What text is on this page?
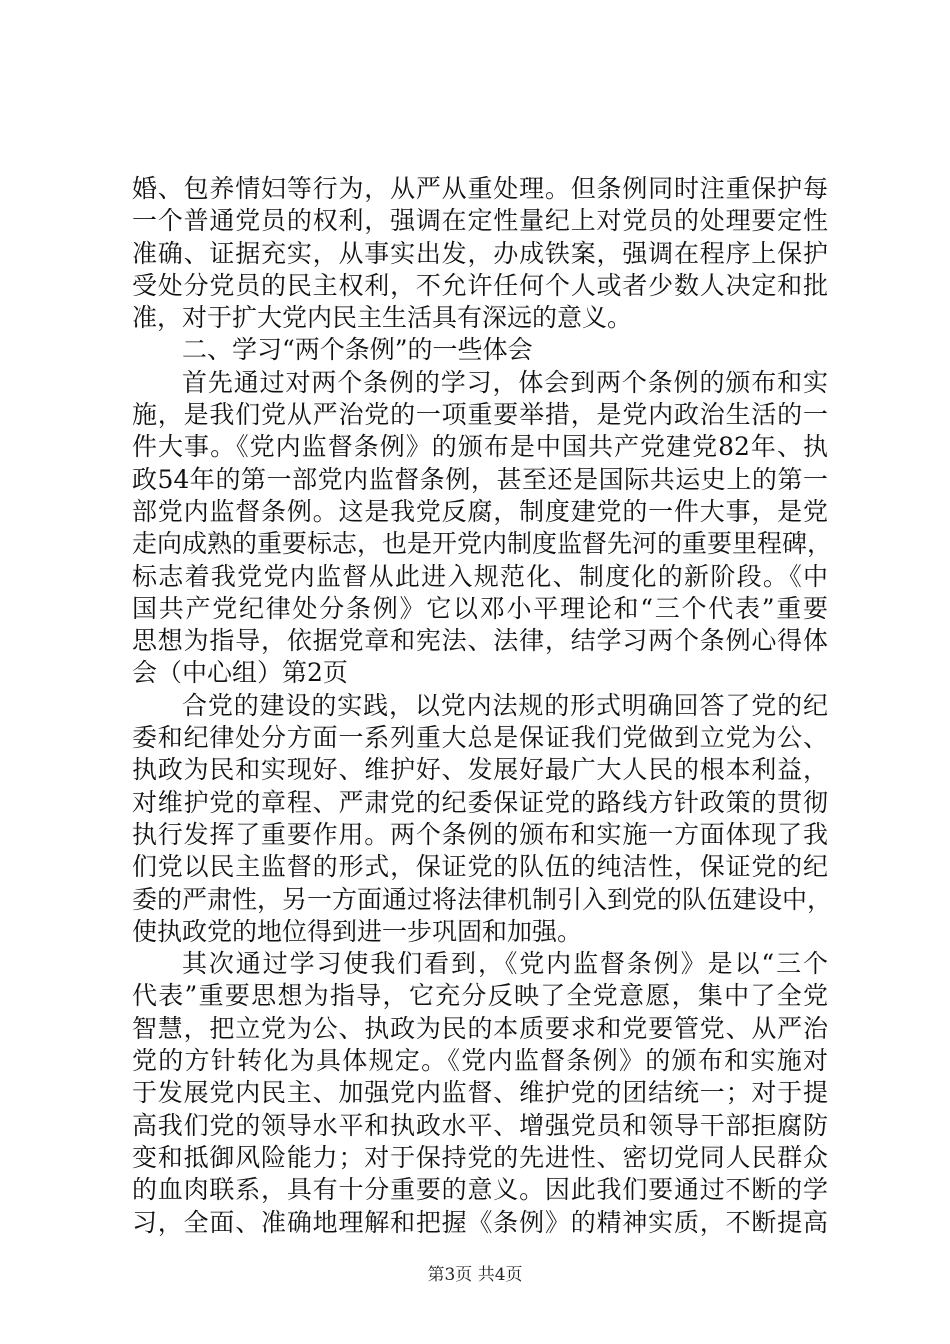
婚、包养情妇等行为，从严从重处理。但条例同时注重保护每
一个普通党员的权利，强调在定性量纪上对党员的处理要定性
准确、证据充实，从事实出发，办成铁案，强调在程序上保护
受处分党员的民主权利，不允许任何个人或者少数人决定和批
准，对于扩大党内民主生活具有深远的意义。
二、学习“两个条例”的一些体会
首先通过对两个条例的学习，体会到两个条例的颁布和实
施，是我们党从严治党的一项重要举措，是党内政治生活的一
件大事。《党内监督条例》的颁布是中国共产党建党82年、执
政54年的第一部党内监督条例，甚至还是国际共运史上的第一
部党内监督条例。这是我党反腐，制度建党的一件大事，是党
走向成熟的重要标志，也是开党内制度监督先河的重要里程碑，
标志着我党党内监督从此进入规范化、制度化的新阶段。《中
国共产党纪律处分条例》它以邓小平理论和“三个代表”重要
思想为指导，依据党章和宪法、法律，结学习两个条例心得体
会（中心组）第2页
合党的建设的实践，以党内法规的形式明确回答了党的纪
委和纪律处分方面一系列重大总是保证我们党做到立党为公、
执政为民和实现好、维护好、发展好最广大人民的根本利益，
对维护党的章程、严肃党的纪委保证党的路线方针政策的贯彻
执行发挥了重要作用。两个条例的颁布和实施一方面体现了我
们党以民主监督的形式，保证党的队伍的纯洁性，保证党的纪
委的严肃性，另一方面通过将法律机制引入到党的队伍建设中，
使执政党的地位得到进一步巩固和加强。
其次通过学习使我们看到，《党内监督条例》是以“三个
代表”重要思想为指导，它充分反映了全党意愿，集中了全党
智慧，把立党为公、执政为民的本质要求和党要管党、从严治
党的方针转化为具体规定。《党内监督条例》的颁布和实施对
于发展党内民主、加强党内监督、维护党的团结统一；对于提
高我们党的领导水平和执政水平、增强党员和领导干部拒腐防
变和抵御风险能力；对于保持党的先进性、密切党同人民群众
的血肉联系，具有十分重要的意义。因此我们要通过不断的学
习，全面、准确地理解和把握《条例》的精神实质，不断提高
第3页 共4页
